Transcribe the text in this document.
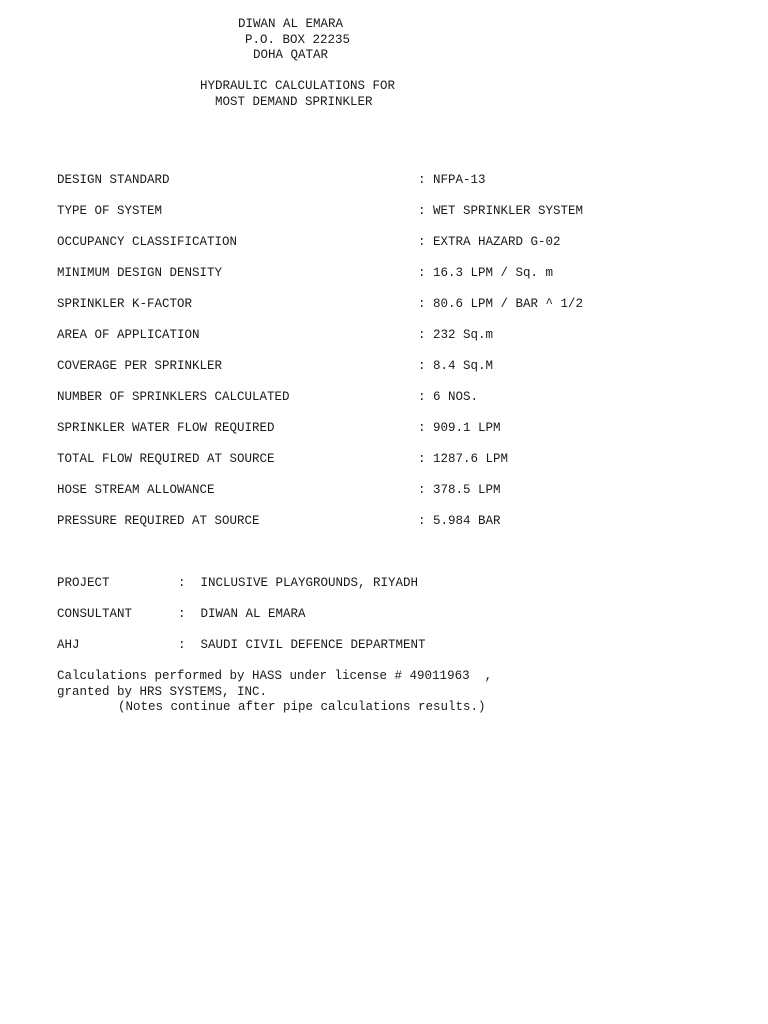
DIWAN AL EMARA
P.O. BOX 22235
DOHA QATAR
HYDRAULIC CALCULATIONS FOR
MOST DEMAND SPRINKLER
DESIGN STANDARD	: NFPA-13
TYPE OF SYSTEM	: WET SPRINKLER SYSTEM
OCCUPANCY CLASSIFICATION	: EXTRA HAZARD G-02
MINIMUM DESIGN DENSITY	: 16.3 LPM / Sq. m
SPRINKLER K-FACTOR	: 80.6 LPM / BAR ^ 1/2
AREA OF APPLICATION	: 232 Sq.m
COVERAGE PER SPRINKLER	: 8.4 Sq.M
NUMBER OF SPRINKLERS CALCULATED	: 6 NOS.
SPRINKLER WATER FLOW REQUIRED	: 909.1 LPM
TOTAL FLOW REQUIRED AT SOURCE	: 1287.6 LPM
HOSE STREAM ALLOWANCE	: 378.5 LPM
PRESSURE REQUIRED AT SOURCE	: 5.984 BAR
PROJECT	:  INCLUSIVE PLAYGROUNDS, RIYADH
CONSULTANT	:  DIWAN AL EMARA
AHJ	:  SAUDI CIVIL DEFENCE DEPARTMENT
Calculations performed by HASS under license # 49011963  ,
granted by HRS SYSTEMS, INC.
(Notes continue after pipe calculations results.)
